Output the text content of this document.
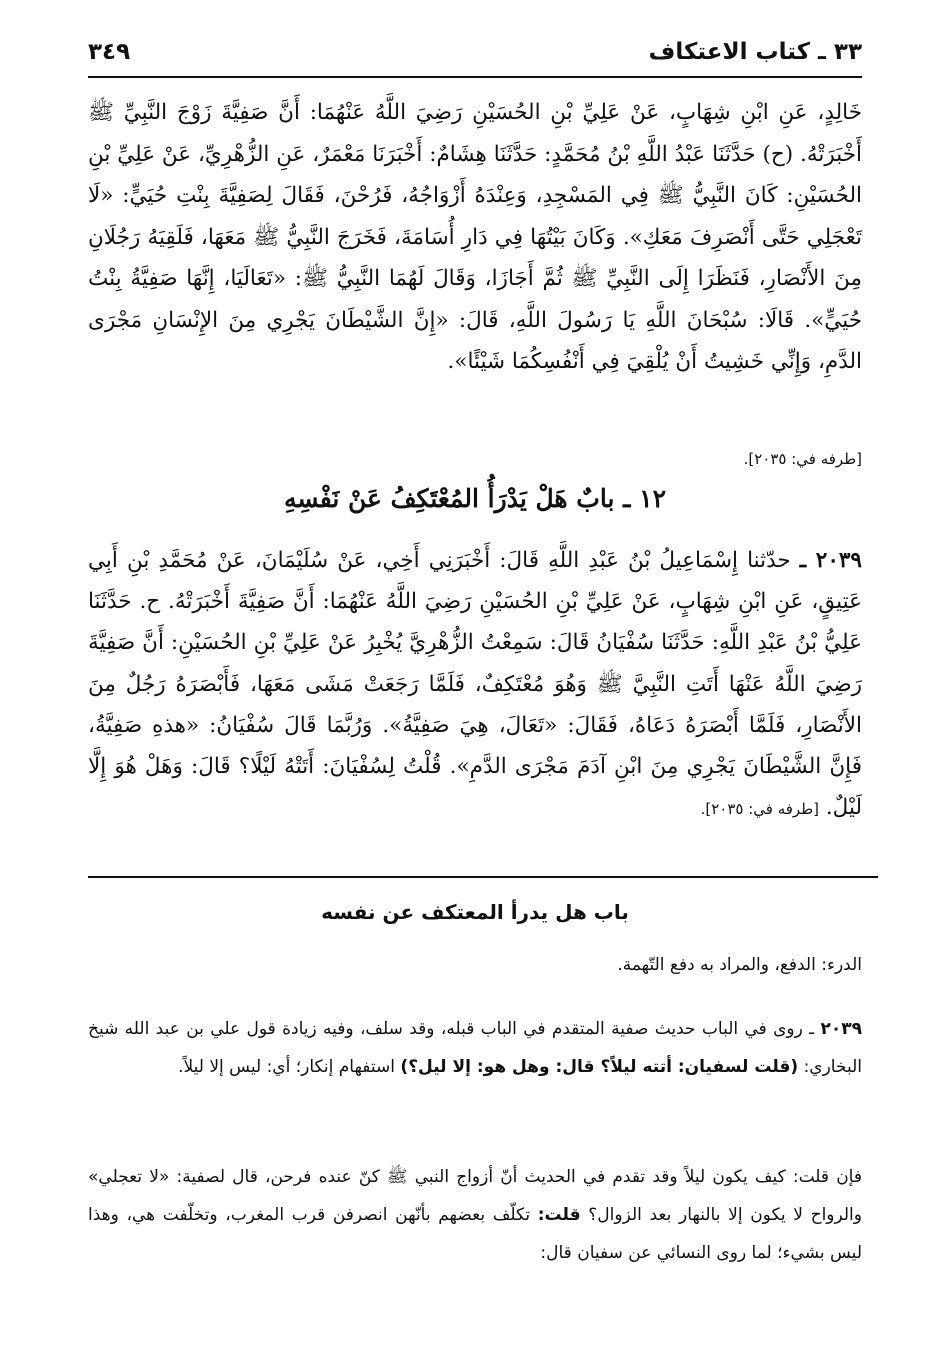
٣٣ ـ كتاب الاعتكاف
٣٤٩
خَالِدٍ، عَنِ ابْنِ شِهَابٍ، عَنْ عَلِيِّ بْنِ الحُسَيْنِ رَضِيَ اللَّهُ عَنْهُمَا: أَنَّ صَفِيَّةَ زَوْجَ النَّبِيِّ ﷺ أَخْبَرَتْهُ. (ح) حَدَّثَنَا عَبْدُ اللَّهِ بْنُ مُحَمَّدٍ: حَدَّثَنَا هِشَامٌ: أَخْبَرَنَا مَعْمَرٌ، عَنِ الزُّهْرِيِّ، عَنْ عَلِيِّ بْنِ الحُسَيْنِ: كَانَ النَّبِيُّ ﷺ فِي المَسْجِدِ، وَعِنْدَهُ أَزْوَاجُهُ، فَرُحْنَ، فَقَالَ لِصَفِيَّةَ بِنْتِ حُيَيٍّ: «لَا تَعْجَلِي حَتَّى أَنْصَرِفَ مَعَكِ». وَكَانَ بَيْتُهَا فِي دَارِ أُسَامَةَ، فَخَرَجَ النَّبِيُّ ﷺ مَعَهَا، فَلَقِيَهُ رَجُلَانِ مِنَ الأَنْصَارِ، فَنَظَرَا إِلَى النَّبِيِّ ﷺ ثُمَّ أَجَازَا، وَقَالَ لَهُمَا النَّبِيُّ ﷺ: «تَعَالَيَا، إِنَّهَا صَفِيَّةُ بِنْتُ حُيَيٍّ». قَالَا: سُبْحَانَ اللَّهِ يَا رَسُولَ اللَّهِ، قَالَ: «إِنَّ الشَّيْطَانَ يَجْرِي مِنَ الإِنْسَانِ مَجْرَى الدَّمِ، وَإِنِّي خَشِيتُ أَنْ يُلْقِيَ فِي أَنْفُسِكُمَا شَيْئًا».
[طرفه في: ٢٠٣٥].
١٢ ـ بابٌ هَلْ يَدْرَأُ المُعْتَكِفُ عَنْ نَفْسِهِ
٢٠٣٩ ـ حدّثنا إِسْمَاعِيلُ بْنُ عَبْدِ اللَّهِ قَالَ: أَخْبَرَنِي أَخِي، عَنْ سُلَيْمَانَ، عَنْ مُحَمَّدِ بْنِ أَبِي عَتِيقٍ، عَنِ ابْنِ شِهَابٍ، عَنْ عَلِيِّ بْنِ الحُسَيْنِ رَضِيَ اللَّهُ عَنْهُمَا: أَنَّ صَفِيَّةَ أَخْبَرَتْهُ. ح. حَدَّثَنَا عَلِيُّ بْنُ عَبْدِ اللَّهِ: حَدَّثَنَا سُفْيَانُ قَالَ: سَمِعْتُ الزُّهْرِيَّ يُخْبِرُ عَنْ عَلِيِّ بْنِ الحُسَيْنِ: أَنَّ صَفِيَّةَ رَضِيَ اللَّهُ عَنْهَا أَتَتِ النَّبِيَّ ﷺ وَهُوَ مُعْتَكِفٌ، فَلَمَّا رَجَعَتْ مَشَى مَعَهَا، فَأَبْصَرَهُ رَجُلٌ مِنَ الأَنْصَارِ، فَلَمَّا أَبْصَرَهُ دَعَاهُ، فَقَالَ: «تَعَالَ، هِيَ صَفِيَّةُ». وَرُبَّمَا قَالَ سُفْيَانُ: «هذهِ صَفِيَّةُ، فَإِنَّ الشَّيْطَانَ يَجْرِي مِنَ ابْنِ آدَمَ مَجْرَى الدَّمِ». قُلْتُ لِسُفْيَانَ: أَتَتْهُ لَيْلًا؟ قَالَ: وَهَلْ هُوَ إِلَّا لَيْلٌ. [طرفه في: ٢٠٣٥].
باب هل يدرأ المعتكف عن نفسه
الدرء: الدفع، والمراد به دفع التّهمة.
٢٠٣٩ ـ روى في الباب حديث صفية المتقدم في الباب قبله، وقد سلف، وفيه زيادة قول علي بن عبد الله شيخ البخاري: (قلت لسفيان: أتته ليلاً؟ قال: وهل هو: إلا ليل؟) استفهام إنكار؛ أي: ليس إلا ليلاً.
فإن قلت: كيف يكون ليلاً وقد تقدم في الحديث أنّ أزواج النبي ﷺ كنّ عنده فرحن، قال لصفية: «لا تعجلي» والرواح لا يكون إلا بالنهار بعد الزوال؟ قلت: تكلّف بعضهم بأنّهن انصرفن قرب المغرب، وتخلّفت هي، وهذا ليس بشيء؛ لما روى النسائي عن سفيان قال:
